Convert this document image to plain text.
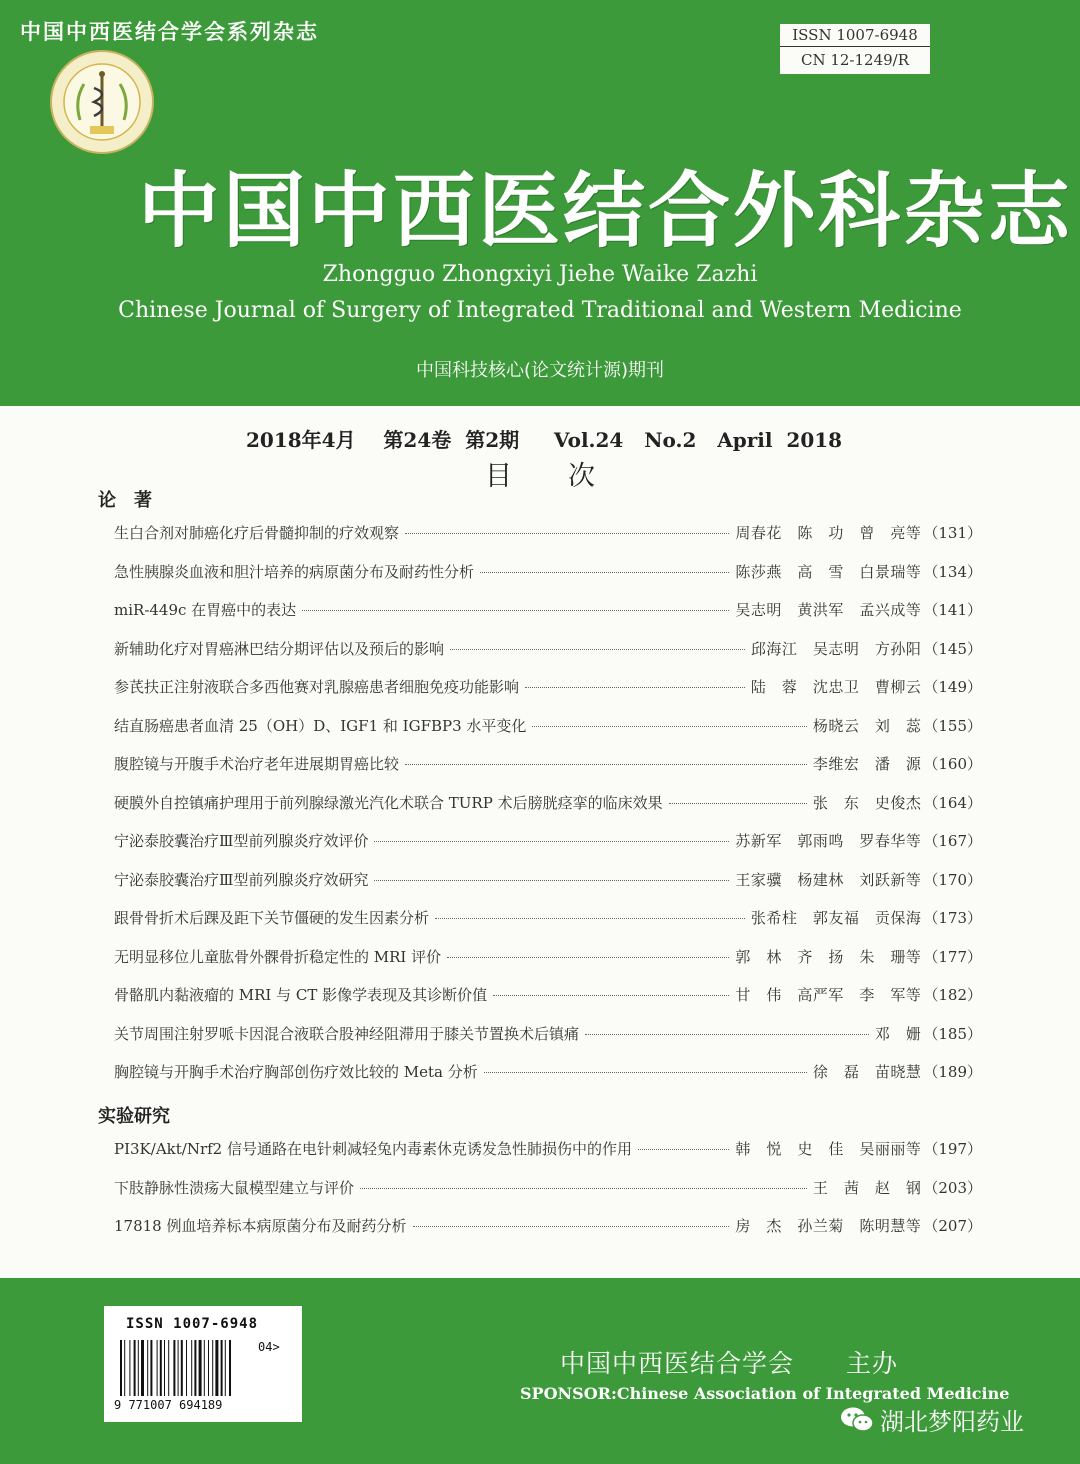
中国中西医结合学会系列杂志	ISSN 1007-6948
CN 12-1249/R
中国中西医结合外科杂志
Zhongguo Zhongxiyi Jiehe Waike Zazhi
Chinese Journal of Surgery of Integrated Traditional and Western Medicine
中国科技核心(论文统计源)期刊
2018年4月    第24卷  第2期     Vol.24   No.2   April  2018
目次
论　著
生白合剂对肺癌化疗后骨髓抑制的疗效观察	周春花　陈　功　曾　亮等 （131）
急性胰腺炎血液和胆汁培养的病原菌分布及耐药性分析	陈莎燕　高　雪　白景瑞等 （134）
miR-449c 在胃癌中的表达	吴志明　黄洪军　孟兴成等 （141）
新辅助化疗对胃癌淋巴结分期评估以及预后的影响	邱海江　吴志明　方孙阳 （145）
参芪扶正注射液联合多西他赛对乳腺癌患者细胞免疫功能影响	陆　蓉　沈忠卫　曹柳云 （149）
结直肠癌患者血清 25（OH）D、IGF1 和 IGFBP3 水平变化	杨晓云　刘　蕊 （155）
腹腔镜与开腹手术治疗老年进展期胃癌比较	李维宏　潘　源 （160）
硬膜外自控镇痛护理用于前列腺绿激光汽化术联合 TURP 术后膀胱痉挛的临床效果	张　东　史俊杰 （164）
宁泌泰胶囊治疗Ⅲ型前列腺炎疗效评价	苏新军　郭雨鸣　罗春华等 （167）
宁泌泰胶囊治疗Ⅲ型前列腺炎疗效研究	王家骥　杨建林　刘跃新等 （170）
跟骨骨折术后踝及距下关节僵硬的发生因素分析	张希柱　郭友福　贡保海 （173）
无明显移位儿童肱骨外髁骨折稳定性的 MRI 评价	郭　林　齐　扬　朱　珊等 （177）
骨骼肌内黏液瘤的 MRI 与 CT 影像学表现及其诊断价值	甘　伟　高严军　李　军等 （182）
关节周围注射罗哌卡因混合液联合股神经阻滞用于膝关节置换术后镇痛	邓　姗 （185）
胸腔镜与开胸手术治疗胸部创伤疗效比较的 Meta 分析	徐　磊　苗晓慧 （189）
实验研究
PI3K/Akt/Nrf2 信号通路在电针刺减轻兔内毒素休克诱发急性肺损伤中的作用	韩　悦　史　佳　吴丽丽等 （197）
下肢静脉性溃疡大鼠模型建立与评价	王　茜　赵　钢 （203）
17818 例血培养标本病原菌分布及耐药分析	房　杰　孙兰菊　陈明慧等 （207）
ISSN 1007-6948
04>
9 771007 694189
中国中西医结合学会　　主办
SPONSOR:Chinese Association of Integrated Medicine
湖北梦阳药业
